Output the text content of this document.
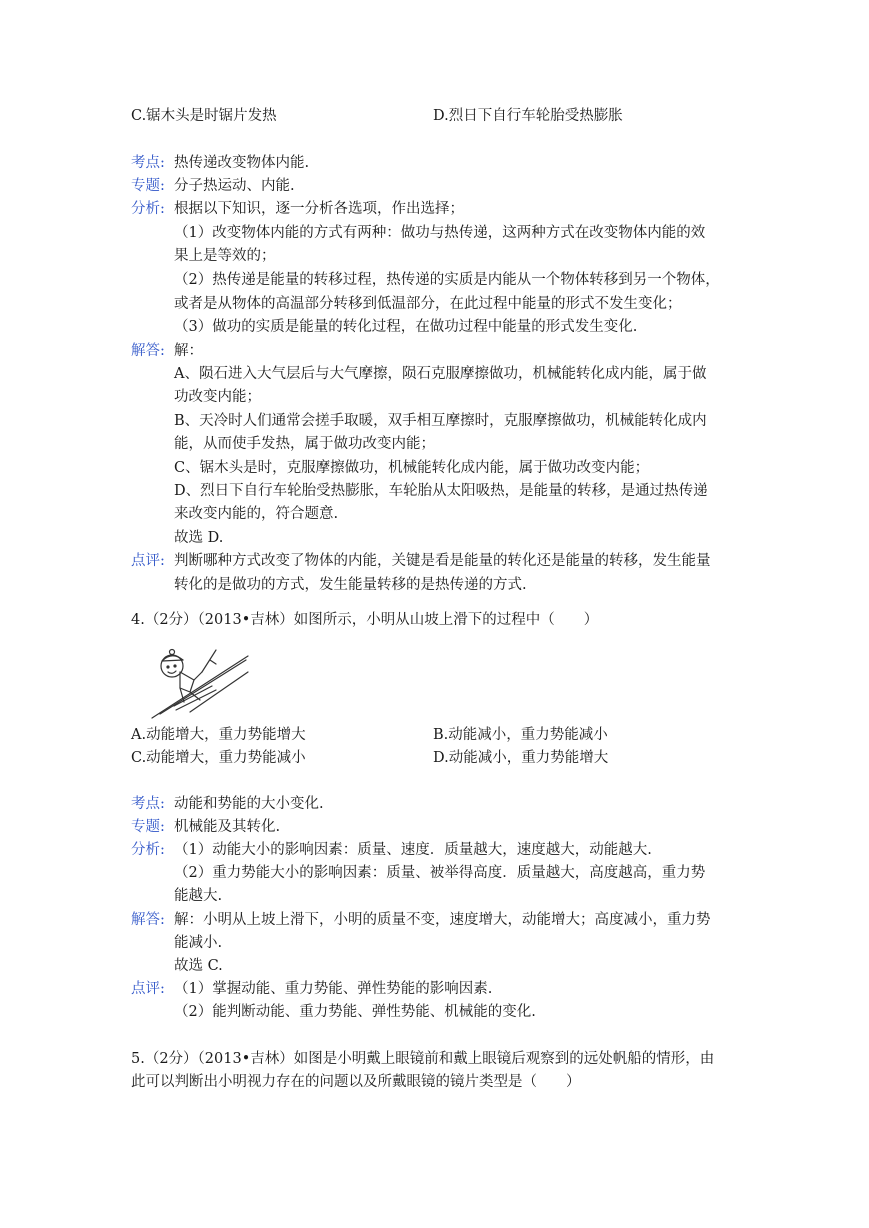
C.锯木头是时锯片发热	D.烈日下自行车轮胎受热膨胀
考点: 热传递改变物体内能.
专题: 分子热运动、内能.
分析: 根据以下知识，逐一分析各选项，作出选择；
（1）改变物体内能的方式有两种：做功与热传递，这两种方式在改变物体内能的效
果上是等效的；
（2）热传递是能量的转移过程，热传递的实质是内能从一个物体转移到另一个物体，
或者是从物体的高温部分转移到低温部分，在此过程中能量的形式不发生变化；
（3）做功的实质是能量的转化过程，在做功过程中能量的形式发生变化.
解答: 解：
A、陨石进入大气层后与大气摩擦，陨石克服摩擦做功，机械能转化成内能，属于做
功改变内能；
B、天冷时人们通常会搓手取暖，双手相互摩擦时，克服摩擦做功，机械能转化成内
能，从而使手发热，属于做功改变内能；
C、锯木头是时，克服摩擦做功，机械能转化成内能，属于做功改变内能；
D、烈日下自行车轮胎受热膨胀，车轮胎从太阳吸热，是能量的转移，是通过热传递
来改变内能的，符合题意.
故选 D.
点评: 判断哪种方式改变了物体的内能，关键是看是能量的转化还是能量的转移，发生能量
转化的是做功的方式，发生能量转移的是热传递的方式.
4.（2分）（2013•吉林）如图所示，小明从山坡上滑下的过程中（　　）
A.动能增大，重力势能增大	B.动能减小，重力势能减小
C.动能增大，重力势能减小	D.动能减小，重力势能增大
考点: 动能和势能的大小变化.
专题: 机械能及其转化.
分析: （1）动能大小的影响因素：质量、速度．质量越大，速度越大，动能越大.
（2）重力势能大小的影响因素：质量、被举得高度．质量越大，高度越高，重力势
能越大.
解答: 解：小明从上坡上滑下，小明的质量不变，速度增大，动能增大；高度减小，重力势
能减小.
故选 C.
点评: （1）掌握动能、重力势能、弹性势能的影响因素.
（2）能判断动能、重力势能、弹性势能、机械能的变化.
5.（2分）（2013•吉林）如图是小明戴上眼镜前和戴上眼镜后观察到的远处帆船的情形，由
此可以判断出小明视力存在的问题以及所戴眼镜的镜片类型是（　　）
